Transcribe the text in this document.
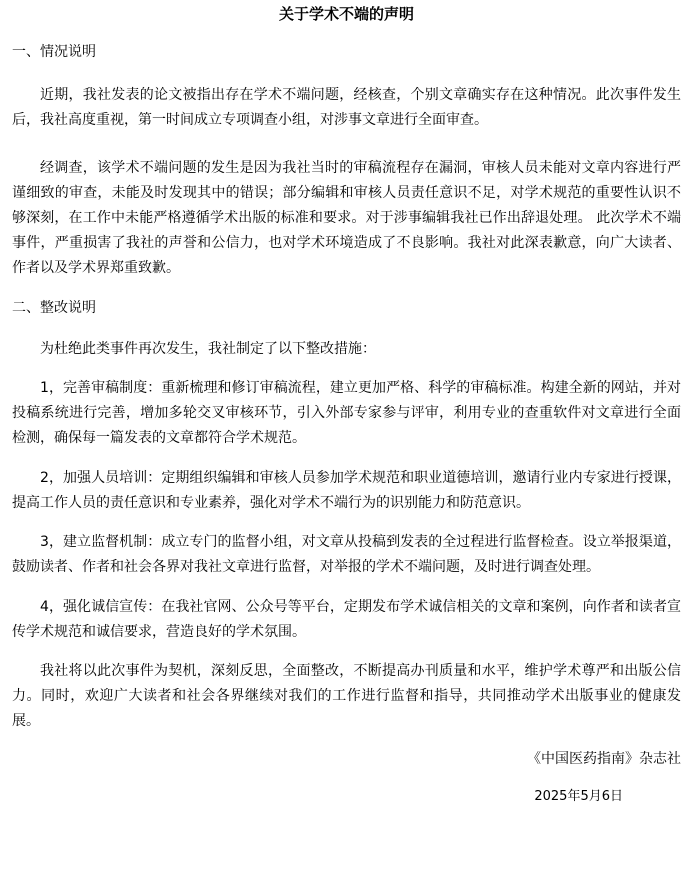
关于学术不端的声明
一、情况说明

近期，我社发表的论文被指出存在学术不端问题，经核查，个别文章确实存在这种情况。此次事件发生后，我社高度重视，第一时间成立专项调查小组，对涉事文章进行全面审查。

经调查，该学术不端问题的发生是因为我社当时的审稿流程存在漏洞，审核人员未能对文章内容进行严谨细致的审查，未能及时发现其中的错误；部分编辑和审核人员责任意识不足，对学术规范的重要性认识不够深刻，在工作中未能严格遵循学术出版的标准和要求。对于涉事编辑我社已作出辞退处理。 此次学术不端事件，严重损害了我社的声誉和公信力，也对学术环境造成了不良影响。我社对此深表歉意，向广大读者、作者以及学术界郑重致歉。

二、整改说明

为杜绝此类事件再次发生，我社制定了以下整改措施：

1，完善审稿制度：重新梳理和修订审稿流程，建立更加严格、科学的审稿标准。构建全新的网站，并对投稿系统进行完善，增加多轮交叉审核环节，引入外部专家参与评审，利用专业的查重软件对文章进行全面检测，确保每一篇发表的文章都符合学术规范。

2，加强人员培训：定期组织编辑和审核人员参加学术规范和职业道德培训，邀请行业内专家进行授课，提高工作人员的责任意识和专业素养，强化对学术不端行为的识别能力和防范意识。

3，建立监督机制：成立专门的监督小组，对文章从投稿到发表的全过程进行监督检查。设立举报渠道，鼓励读者、作者和社会各界对我社文章进行监督，对举报的学术不端问题，及时进行调查处理。

4，强化诚信宣传：在我社官网、公众号等平台，定期发布学术诚信相关的文章和案例，向作者和读者宣传学术规范和诚信要求，营造良好的学术氛围。

我社将以此次事件为契机，深刻反思，全面整改，不断提高办刊质量和水平，维护学术尊严和出版公信力。同时，欢迎广大读者和社会各界继续对我们的工作进行监督和指导，共同推动学术出版事业的健康发展。

《中国医药指南》杂志社

2025年5月6日
